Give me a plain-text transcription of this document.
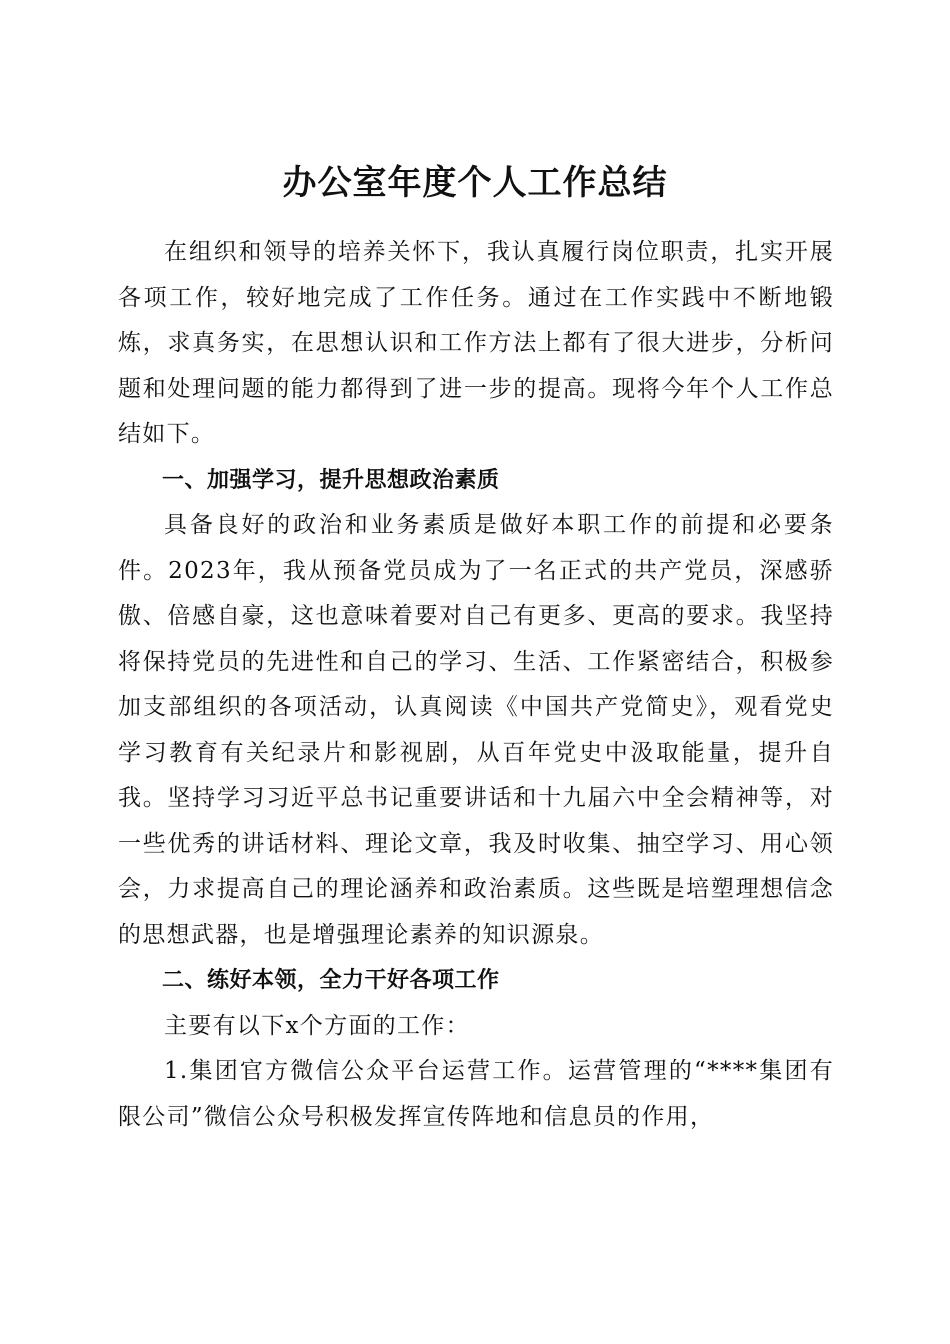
办公室年度个人工作总结

在组织和领导的培养关怀下，我认真履行岗位职责，扎实开展各项工作，较好地完成了工作任务。通过在工作实践中不断地锻炼，求真务实，在思想认识和工作方法上都有了很大进步，分析问题和处理问题的能力都得到了进一步的提高。现将今年个人工作总结如下。

一、加强学习，提升思想政治素质

具备良好的政治和业务素质是做好本职工作的前提和必要条件。2023年，我从预备党员成为了一名正式的共产党员，深感骄傲、倍感自豪，这也意味着要对自己有更多、更高的要求。我坚持将保持党员的先进性和自己的学习、生活、工作紧密结合，积极参加支部组织的各项活动，认真阅读《中国共产党简史》，观看党史学习教育有关纪录片和影视剧，从百年党史中汲取能量，提升自我。坚持学习习近平总书记重要讲话和十九届六中全会精神等，对一些优秀的讲话材料、理论文章，我及时收集、抽空学习、用心领会，力求提高自己的理论涵养和政治素质。这些既是培塑理想信念的思想武器，也是增强理论素养的知识源泉。

二、练好本领，全力干好各项工作

主要有以下x个方面的工作：

1.集团官方微信公众平台运营工作。运营管理的“****集团有限公司”微信公众号积极发挥宣传阵地和信息员的作用，
